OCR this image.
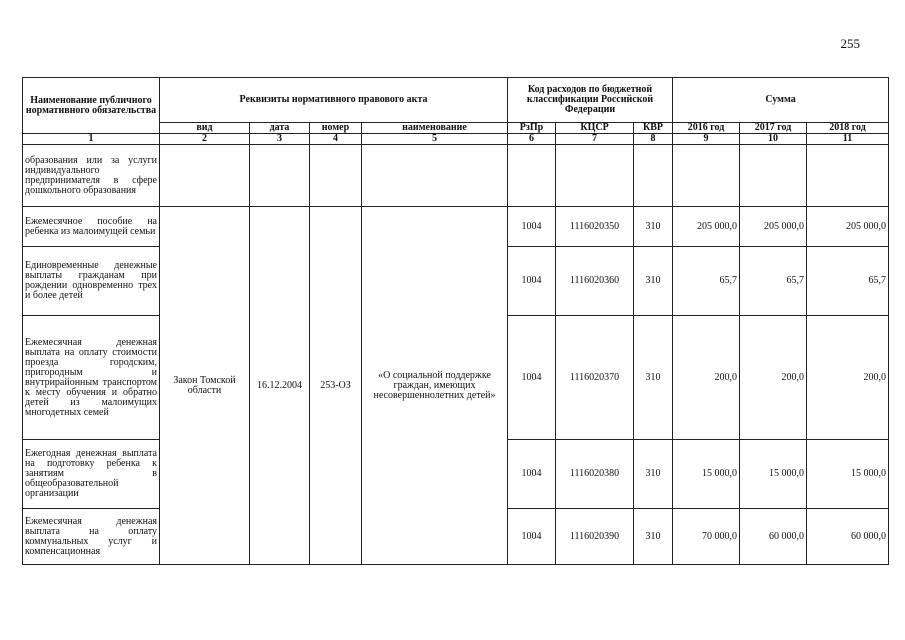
255
Наименование публичного нормативного обязательства	Реквизиты нормативного правового акта				Код расходов по бюджетной классификации Российской Федерации			Сумма		
	вид	дата	номер	наименование	РзПр	КЦСР	КВР	2016 год	2017 год	2018 год
1	2	3	4	5	6	7	8	9	10	11
образования или за услуги индивидуального предпринимателя в сфере дошкольного образования										
Ежемесячное пособие на ребенка из малоимущей семьи	Закон Томской области	16.12.2004	253-ОЗ	«О социальной поддержке граждан, имеющих несовершеннолетних детей»	1004	1116020350	310	205 000,0	205 000,0	205 000,0
Единовременные денежные выплаты гражданам при рождении одновременно трех и более детей					1004	1116020360	310	65,7	65,7	65,7
Ежемесячная денежная выплата на оплату стоимости проезда городским, пригородным и внутрирайонным транспортом к месту обучения и обратно детей из малоимущих многодетных семей					1004	1116020370	310	200,0	200,0	200,0
Ежегодная денежная выплата на подготовку ребенка к занятиям в общеобразовательной организации					1004	1116020380	310	15 000,0	15 000,0	15 000,0
Ежемесячная денежная выплата на оплату коммунальных услуг и компенсационная					1004	1116020390	310	70 000,0	60 000,0	60 000,0
